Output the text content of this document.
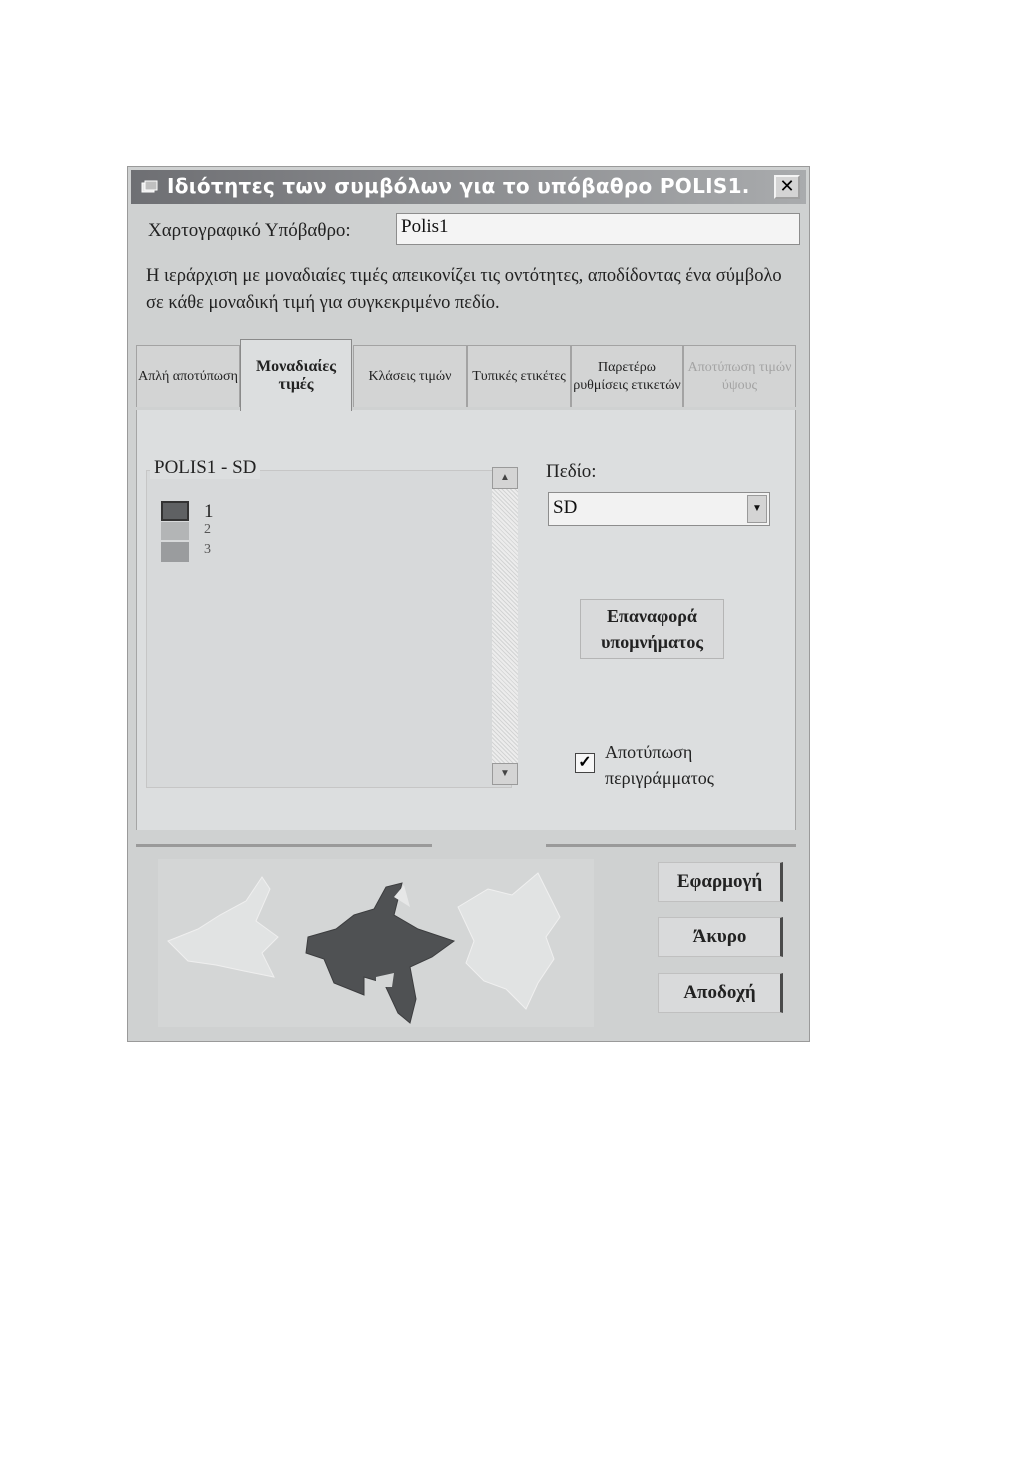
Ιδιότητες των συμβόλων για το υπόβαθρο POLIS1.	✕
Χαρτογραφικό Υπόβαθρο:	Polis1
Η ιεράρχιση με μοναδιαίες τιμές απεικονίζει τις οντότητες, αποδίδοντας ένα σύμβολο σε κάθε μοναδική τιμή για συγκεκριμένο πεδίο.
Απλή αποτύπωση
Μοναδιαίες τιμές	Κλάσεις τιμών Τυπικές ετικέτες
Παρετέρω ρυθμίσεις ετικετών
Αποτύπωση τιμών ύψους
POLIS1 - SD
1
2
3
▲
▼
Πεδίο:
SD	▼
Επαναφορά υπομνήματος
✓
Αποτύπωση περιγράμματος
Εφαρμογή
Άκυρο
Αποδοχή
